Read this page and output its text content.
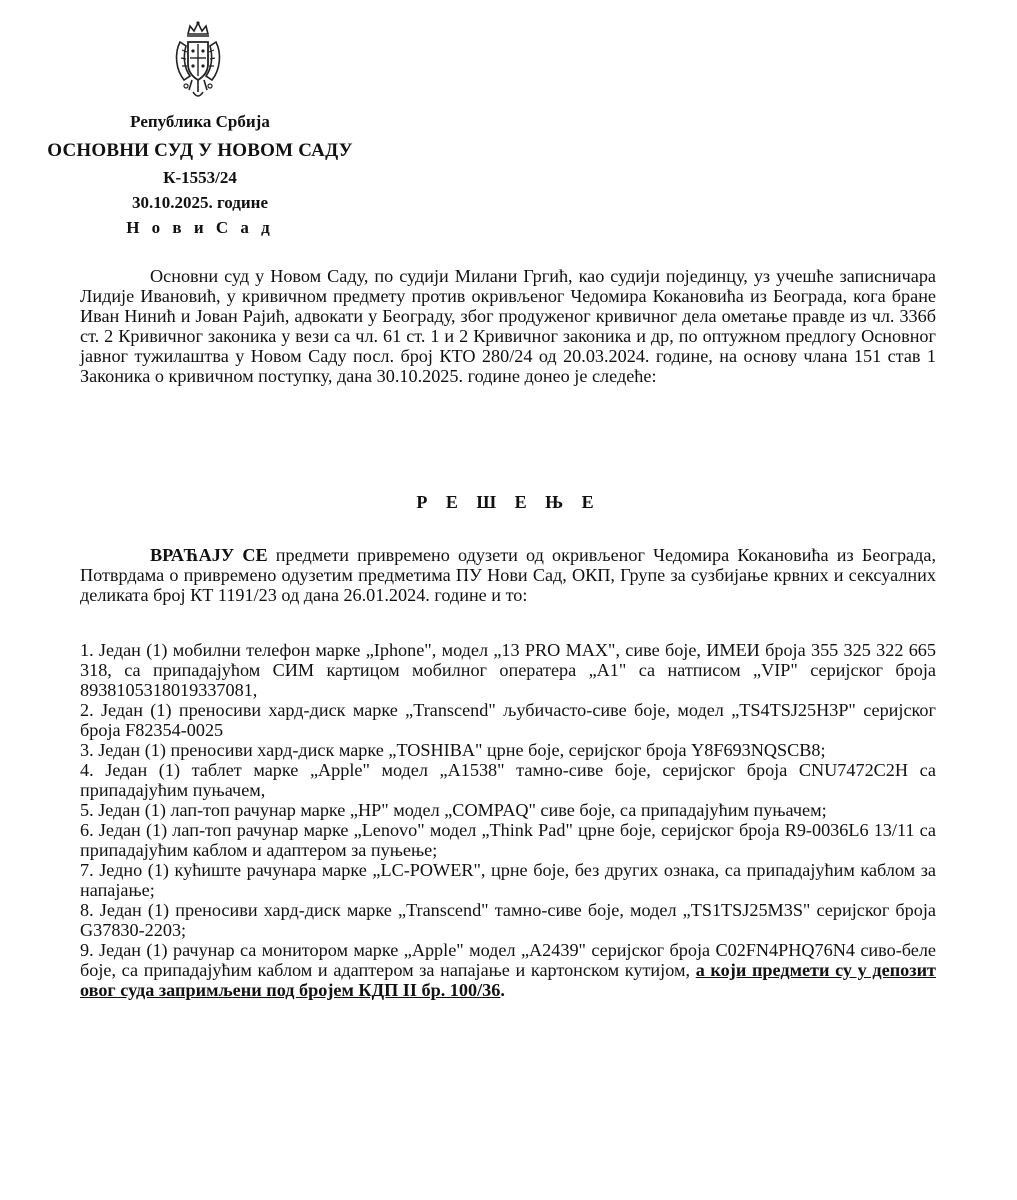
Република Србија
ОСНОВНИ СУД У НОВОМ САДУ
К-1553/24
30.10.2025. године
Н о в и С а д
Основни суд у Новом Саду, по судији Милани Гргић, као судији појединцу, уз учешће записничара Лидије Ивановић, у кривичном предмету против окривљеног Чедомира Кокановића из Београда, кога бране Иван Нинић и Јован Рајић, адвокати у Београду, због продуженог кривичног дела ометање правде из чл. 336б ст. 2 Кривичног законика у вези са чл. 61 ст. 1 и 2 Кривичног законика и др, по оптужном предлогу Основног јавног тужилаштва у Новом Саду посл. број КТО 280/24 од 20.03.2024. године, на основу члана 151 став 1 Законика о кривичном поступку, дана 30.10.2025. године донео је следеће:
Р Е Ш Е Њ Е
ВРАЋАЈУ СЕ предмети привремено одузети од окривљеног Чедомира Кокановића из Београда, Потврдама о привремено одузетим предметима ПУ Нови Сад, ОКП, Групе за сузбијање крвних и сексуалних деликата број КТ 1191/23 од дана 26.01.2024. године и то:

1. Један (1) мобилни телефон марке „Iphone", модел „13 PRO MAX", сиве боје, ИМЕИ броја 355 325 322 665 318, са припадајућом СИМ картицом мобилног оператера „A1" са натписом „VIP" серијског броја 8938105318019337081,

2. Један (1) преносиви хард-диск марке „Transcend" љубичасто-сиве боје, модел „TS4TSJ25H3P" серијског броја F82354-0025

3. Један (1) преносиви хард-диск марке „TOSHIBA" црне боје, серијског броја Y8F693NQSCB8;

4. Један (1) таблет марке „Apple" модел „A1538" тамно-сиве боје, серијског броја CNU7472C2H са припадајућим пуњачем,

5. Један (1) лап-топ рачунар марке „HP" модел „COMPAQ" сиве боје, са припадајућим пуњачем;

6. Један (1) лап-топ рачунар марке „Lenovo" модел „Think Pad" црне боје, серијског броја R9-0036L6 13/11 са припадајућим каблом и адаптером за пуњење;

7. Једно (1) кућиште рачунара марке „LC-POWER", црне боје, без других ознака, са припадајућим каблом за напајање;

8. Један (1) преносиви хард-диск марке „Transcend" тамно-сиве боје, модел „TS1TSJ25M3S" серијског броја G37830-2203;

9. Један (1) рачунар са монитором марке „Apple" модел „A2439" серијског броја C02FN4PHQ76N4 сиво-беле боје, са припадајућим каблом и адаптером за напајање и картонском кутијом, а који предмети су у депозит овог суда запримљени под бројем КДП II бр. 100/36.
